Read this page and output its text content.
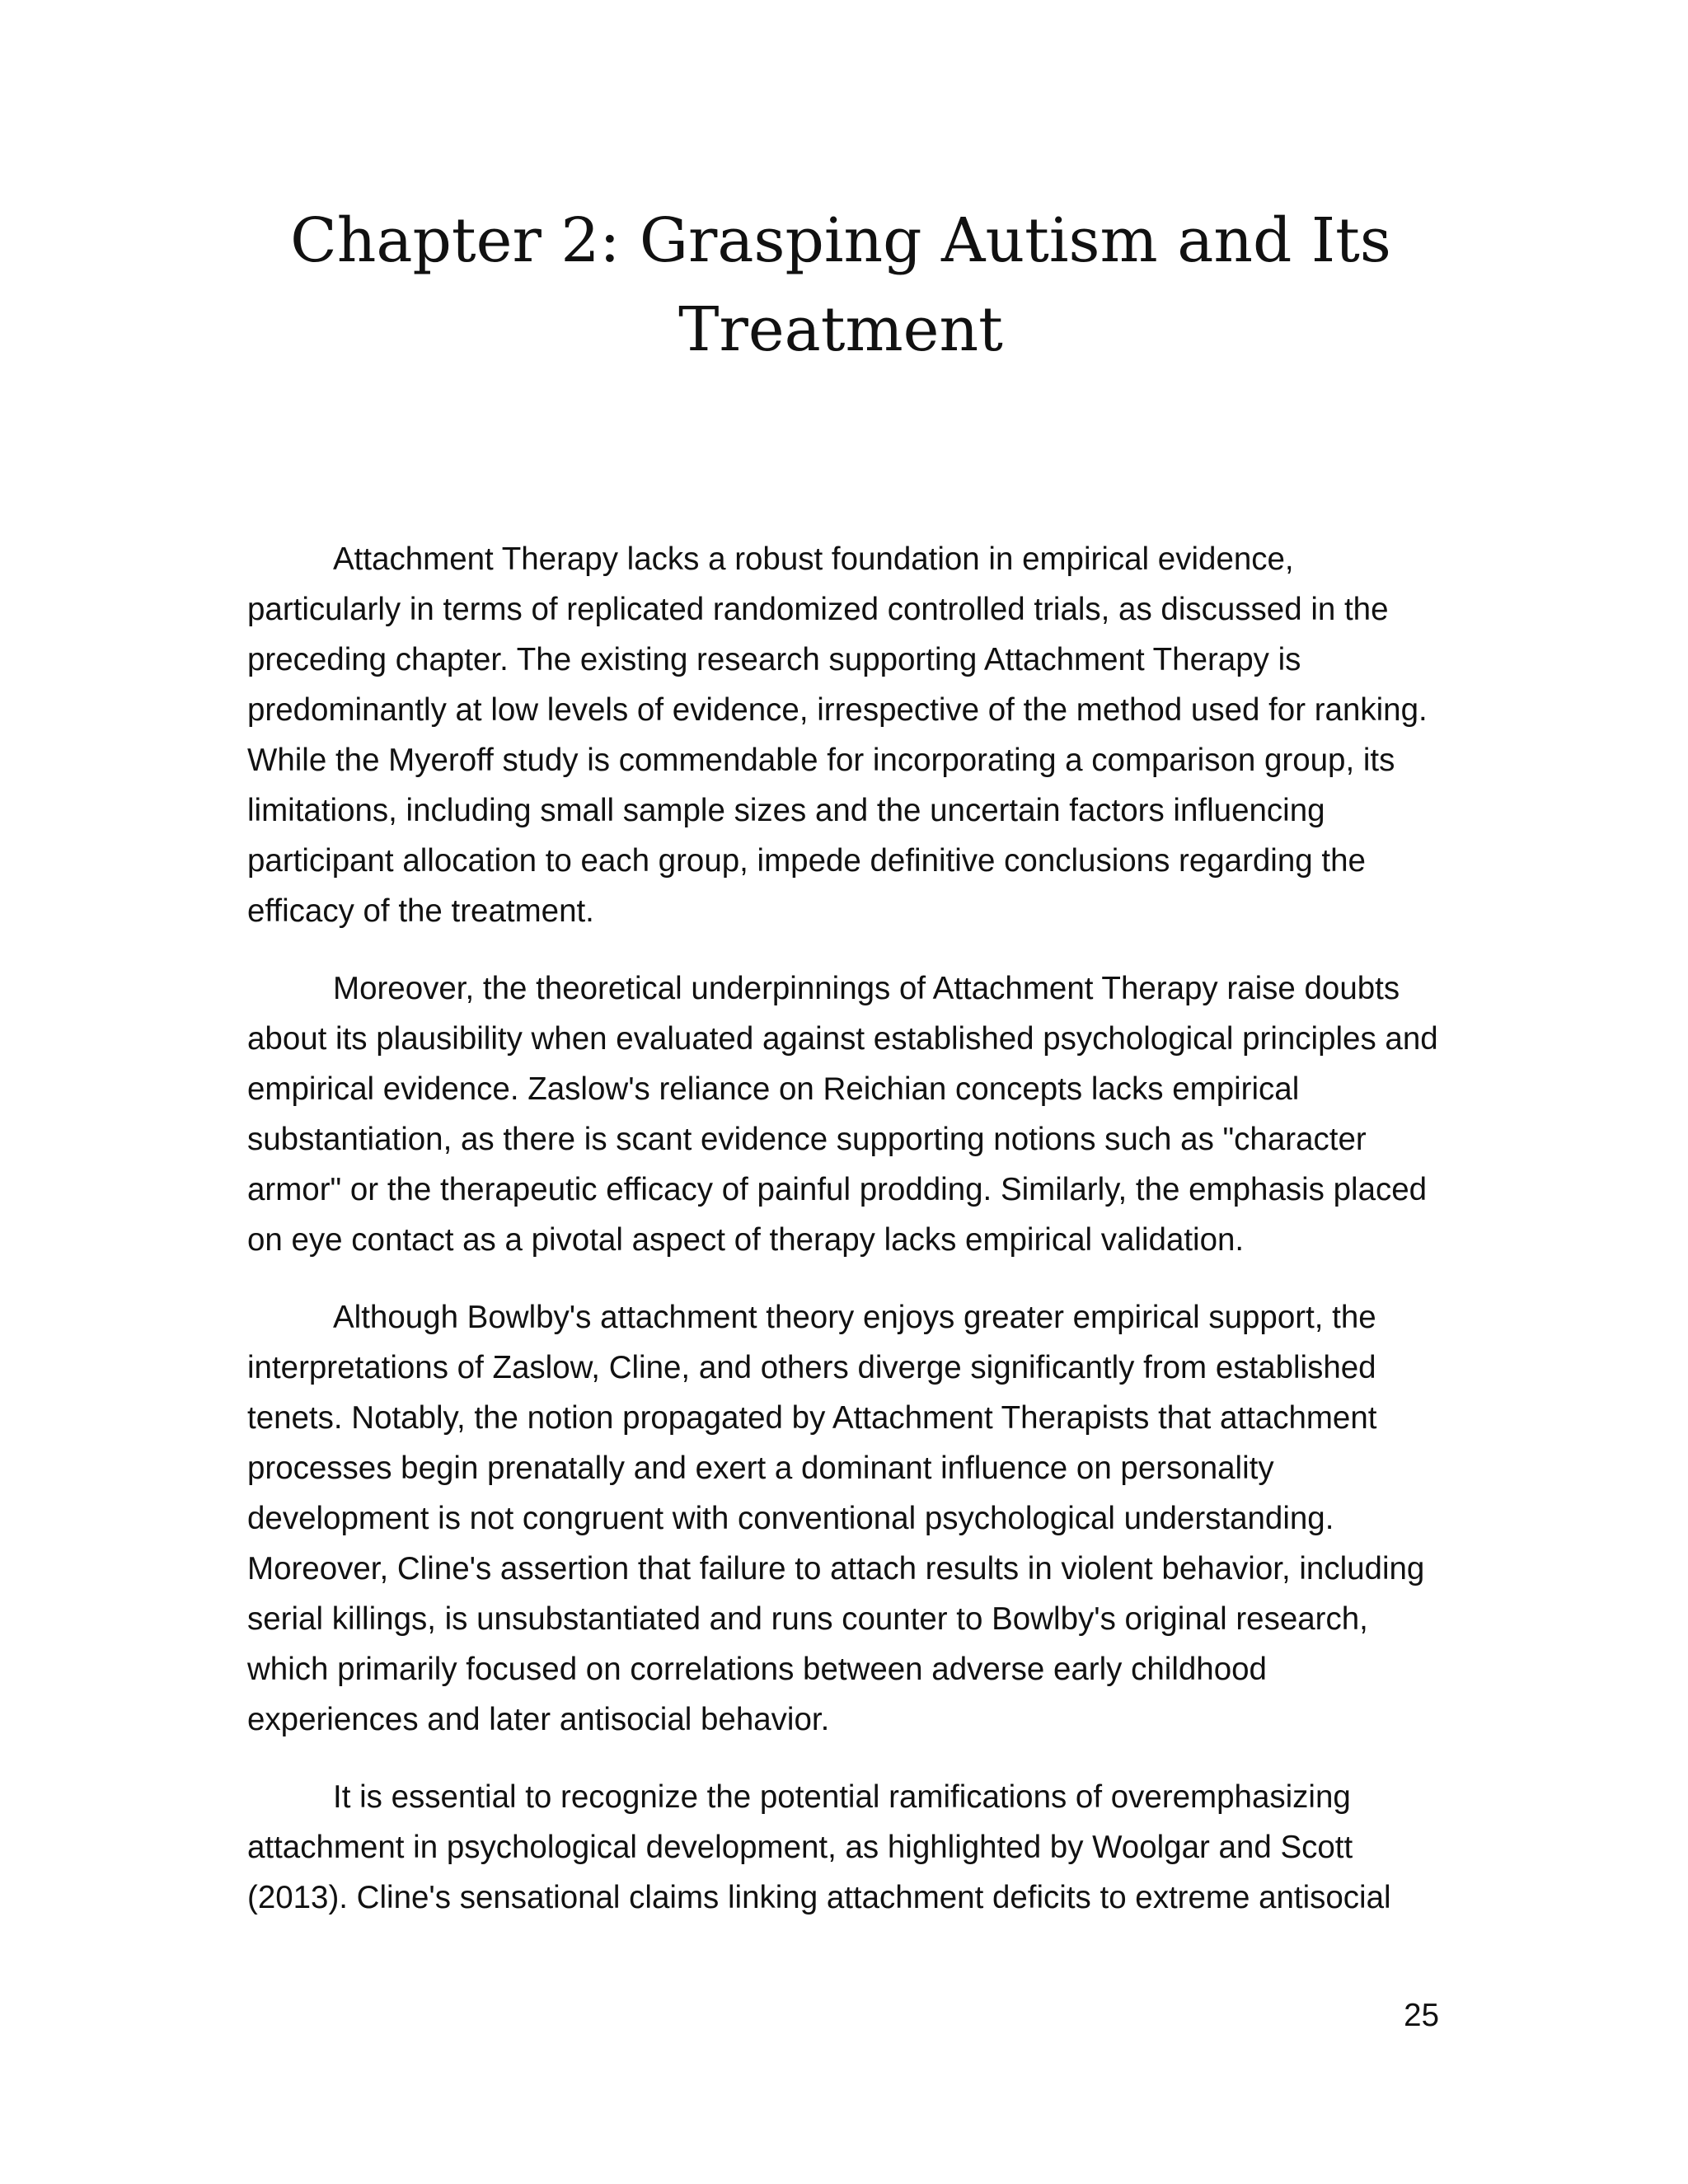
Chapter 2: Grasping Autism and Its
Treatment

Attachment Therapy lacks a robust foundation in empirical evidence, particularly in terms of replicated randomized controlled trials, as discussed in the preceding chapter. The existing research supporting Attachment Therapy is predominantly at low levels of evidence, irrespective of the method used for ranking. While the Myeroff study is commendable for incorporating a comparison group, its limitations, including small sample sizes and the uncertain factors influencing participant allocation to each group, impede definitive conclusions regarding the efficacy of the treatment.

Moreover, the theoretical underpinnings of Attachment Therapy raise doubts about its plausibility when evaluated against established psychological principles and empirical evidence. Zaslow's reliance on Reichian concepts lacks empirical substantiation, as there is scant evidence supporting notions such as "character armor" or the therapeutic efficacy of painful prodding. Similarly, the emphasis placed on eye contact as a pivotal aspect of therapy lacks empirical validation.

Although Bowlby's attachment theory enjoys greater empirical support, the interpretations of Zaslow, Cline, and others diverge significantly from established tenets. Notably, the notion propagated by Attachment Therapists that attachment processes begin prenatally and exert a dominant influence on personality development is not congruent with conventional psychological understanding. Moreover, Cline's assertion that failure to attach results in violent behavior, including serial killings, is unsubstantiated and runs counter to Bowlby's original research, which primarily focused on correlations between adverse early childhood experiences and later antisocial behavior.

It is essential to recognize the potential ramifications of overemphasizing attachment in psychological development, as highlighted by Woolgar and Scott (2013). Cline's sensational claims linking attachment deficits to extreme antisocial

25
